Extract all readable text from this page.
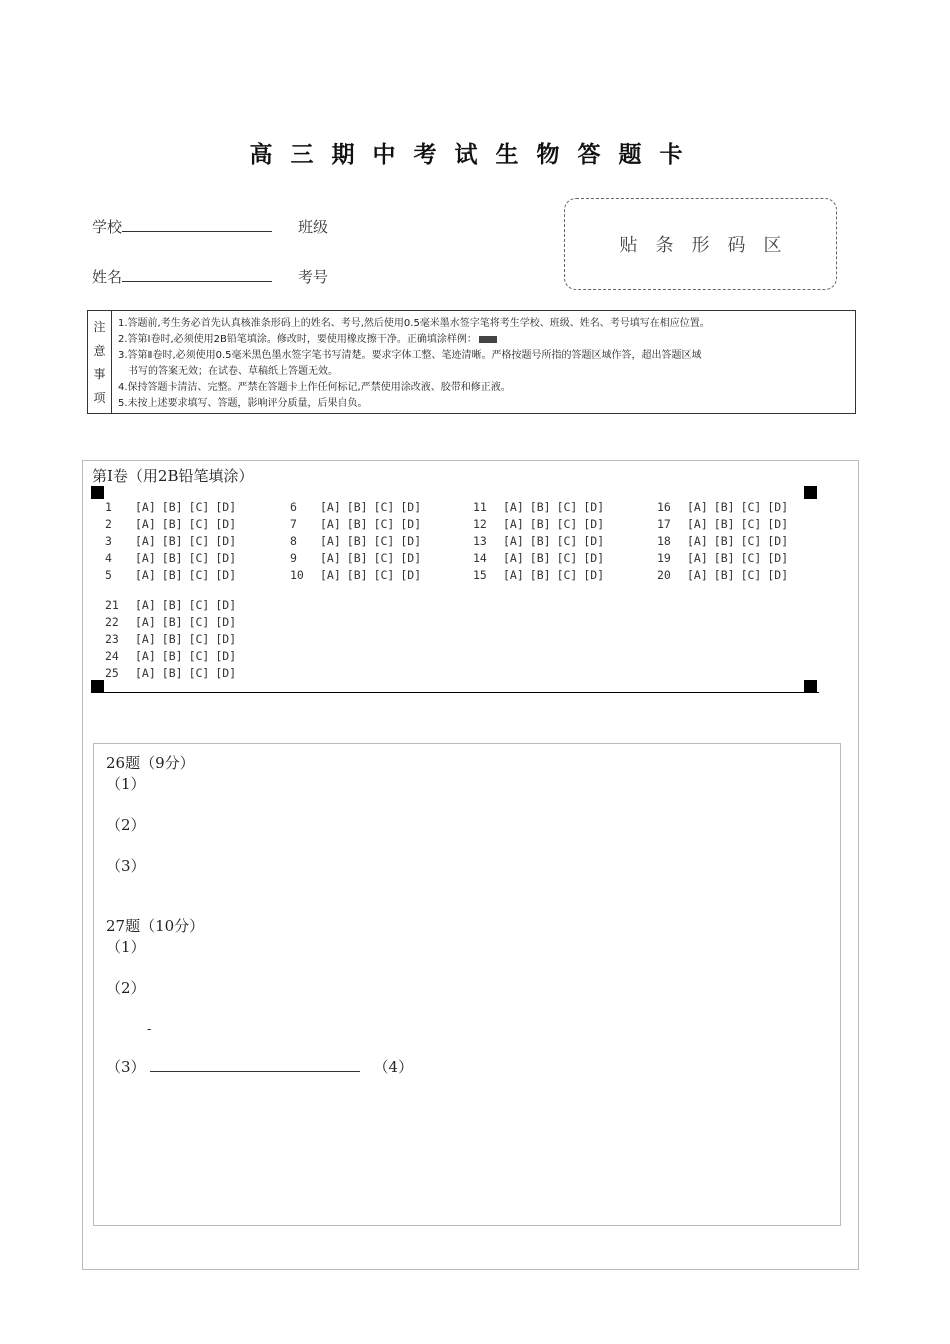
高三期中考试生物答题卡
学校	班级
姓名	考号
贴条形码区
注
意
事
项
1.答题前,考生务必首先认真核准条形码上的姓名、考号,然后使用0.5毫米墨水签字笔将考生学校、班级、姓名、考号填写在相应位置。
2.答第Ⅰ卷时,必须使用2B铅笔填涂。修改时，要使用橡皮擦干净。正确填涂样例：
3.答第Ⅱ卷时,必须使用0.5毫米黑色墨水签字笔书写清楚。要求字体工整、笔迹清晰。严格按题号所指的答题区域作答，超出答题区域
书写的答案无效；在试卷、草稿纸上答题无效。
4.保持答题卡清洁、完整。严禁在答题卡上作任何标记,严禁使用涂改液、胶带和修正液。
5.未按上述要求填写、答题，影响评分质量，后果自负。
第Ⅰ卷（用2B铅笔填涂）
1 [A] [B] [C] [D]
2 [A] [B] [C] [D]
3 [A] [B] [C] [D]
4 [A] [B] [C] [D]
5 [A] [B] [C] [D]
6 [A] [B] [C] [D]
7 [A] [B] [C] [D]
8 [A] [B] [C] [D]
9 [A] [B] [C] [D]
10 [A] [B] [C] [D]
11 [A] [B] [C] [D]
12 [A] [B] [C] [D]
13 [A] [B] [C] [D]
14 [A] [B] [C] [D]
15 [A] [B] [C] [D]
16 [A] [B] [C] [D]
17 [A] [B] [C] [D]
18 [A] [B] [C] [D]
19 [A] [B] [C] [D]
20 [A] [B] [C] [D]
21 [A] [B] [C] [D]
22 [A] [B] [C] [D]
23 [A] [B] [C] [D]
24 [A] [B] [C] [D]
25 [A] [B] [C] [D]
26题（9分）
（1）
（2）
（3）
27题（10分）
（1）
（2）
-
（3）	（4）
